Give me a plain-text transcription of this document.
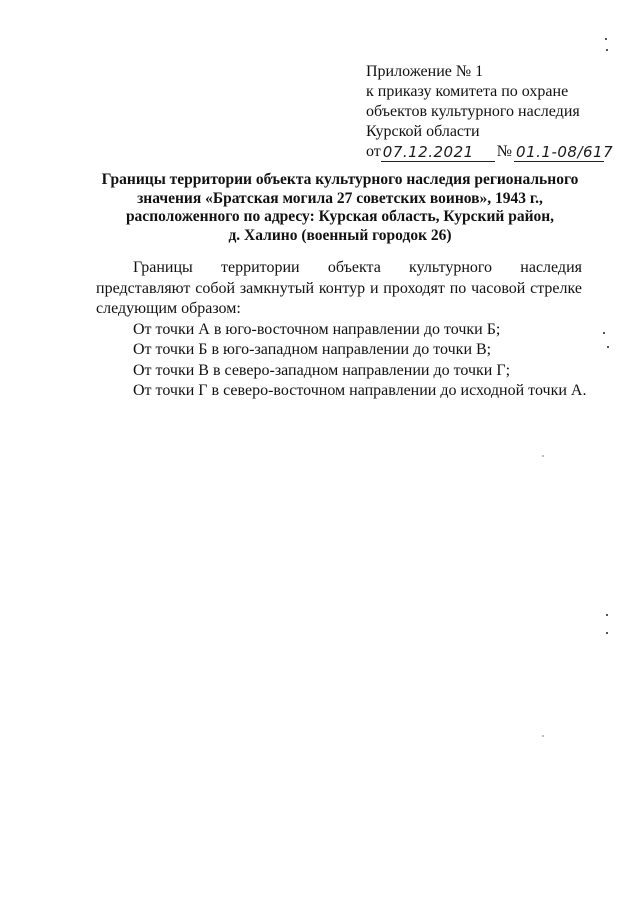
Приложение № 1
к приказу комитета по охране
объектов культурного наследия
Курской области
от 07.12.2021	№ 01.1-08/617
Границы территории объекта культурного наследия регионального
значения «Братская могила 27 советских воинов», 1943 г.,
расположенного по адресу: Курская область, Курский район,
д. Халино (военный городок 26)

Границы территории объекта культурного наследия представляют собой замкнутый контур и проходят по часовой стрелке следующим образом:

От точки А в юго-восточном направлении до точки Б;

От точки Б в юго-западном направлении до точки В;

От точки В в северо-западном направлении до точки Г;

От точки Г в северо-восточном направлении до исходной точки А.
